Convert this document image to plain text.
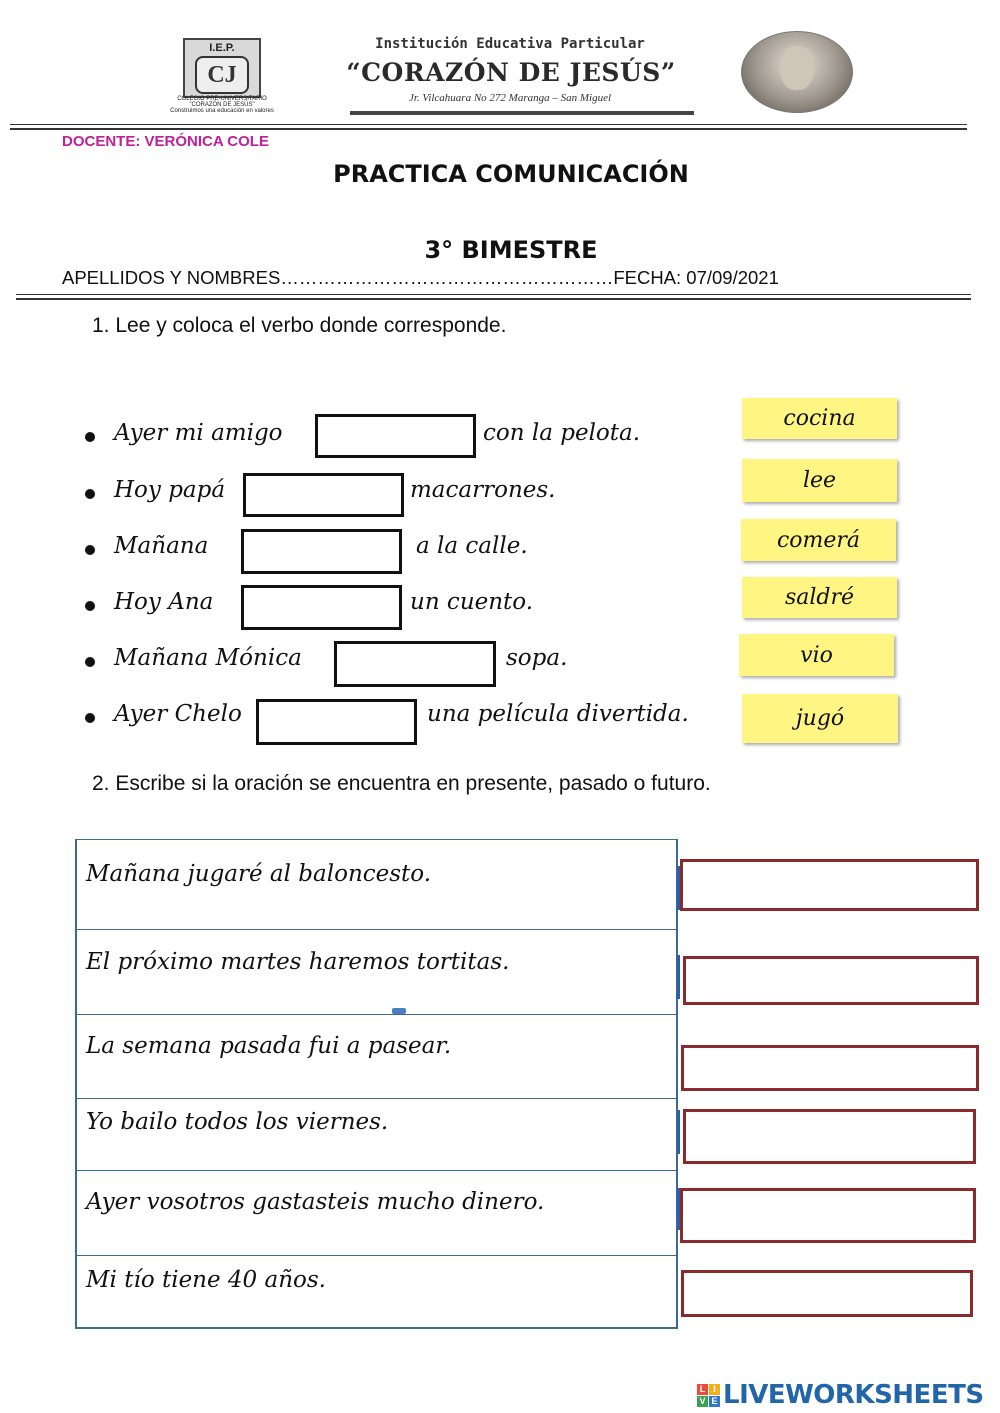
I.E.P.
CJ
COLEGIO PRE-UNIVERSITARIO
"CORAZÓN DE JESÚS"
Construimos una educación en valores
Institución Educativa Particular
“CORAZÓN DE JESÚS”
Jr. Vilcahuara No 272 Maranga – San Miguel
DOCENTE: VERÓNICA COLE
PRACTICA COMUNICACIÓN
3° BIMESTRE
APELLIDOS Y NOMBRES………………………………………………FECHA: 07/09/2021
1. Lee y coloca el verbo donde corresponde.
Ayer mi amigo	con la pelota.
Hoy papá	macarrones.
Mañana	a la calle.
Hoy Ana	un cuento.
Mañana Mónica	sopa.
Ayer Chelo	una película divertida.
cocina
lee
comerá
saldré
vio
jugó
2. Escribe si la oración se encuentra en presente, pasado o futuro.
Mañana jugaré al baloncesto.
El próximo martes haremos tortitas.
La semana pasada fui a pasear.
Yo bailo todos los viernes.
Ayer vosotros gastasteis mucho dinero.
Mi tío tiene 40 años.
L I
V E LIVEWORKSHEETS
